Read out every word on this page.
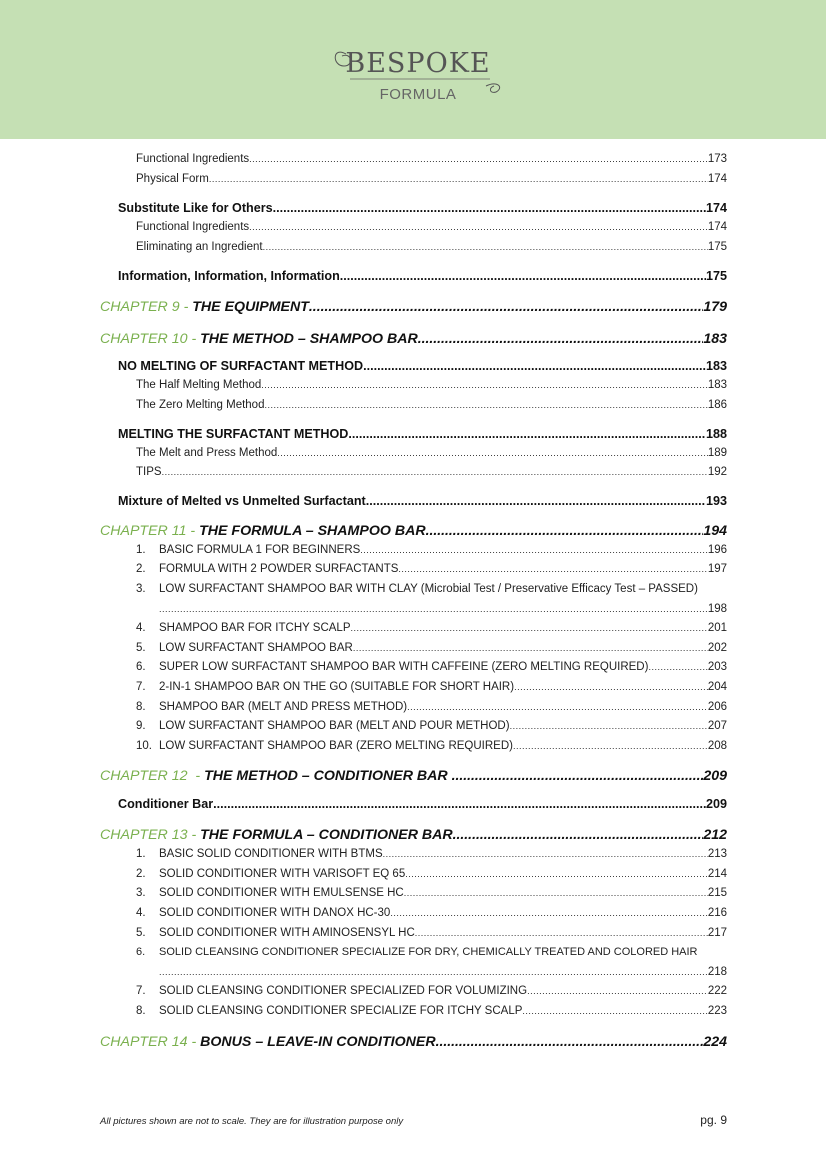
BESPOKE
FORMULA
Functional Ingredients .....	173
Physical Form .....	174
Substitute Like for Others .....	174
Functional Ingredients .....	174
Eliminating an Ingredient .....	175
Information, Information, Information .....	175
CHAPTER 9 - THE EQUIPMENT .....	179
CHAPTER 10 - THE METHOD – SHAMPOO BAR .....	183
NO MELTING OF SURFACTANT METHOD .....	183
The Half Melting Method .....	183
The Zero Melting Method .....	186
MELTING THE SURFACTANT METHOD .....	188
The Melt and Press Method .....	189
TIPS .....	192
Mixture of Melted vs Unmelted Surfactant .....	193
CHAPTER 11 - THE FORMULA – SHAMPOO BAR .....	194
1. BASIC FORMULA 1 FOR BEGINNERS .....	196
2. FORMULA WITH 2 POWDER SURFACTANTS .....	197
3. LOW SURFACTANT SHAMPOO BAR WITH CLAY (Microbial Test / Preservative Efficacy Test – PASSED)
.....
198
4. SHAMPOO BAR FOR ITCHY SCALP .....	201
5. LOW SURFACTANT SHAMPOO BAR .....	202
6. SUPER LOW SURFACTANT SHAMPOO BAR WITH CAFFEINE (ZERO MELTING REQUIRED) .....	203
7. 2-IN-1 SHAMPOO BAR ON THE GO (SUITABLE FOR SHORT HAIR) .....	204
8. SHAMPOO BAR (MELT AND PRESS METHOD) .....	206
9. LOW SURFACTANT SHAMPOO BAR (MELT AND POUR METHOD) .....	207
10. LOW SURFACTANT SHAMPOO BAR (ZERO MELTING REQUIRED) .....	208
CHAPTER 12  - THE METHOD – CONDITIONER BAR .....	209
Conditioner Bar .....	209
CHAPTER 13 - THE FORMULA – CONDITIONER BAR .....	212
1. BASIC SOLID CONDITIONER WITH BTMS .....	213
2. SOLID CONDITIONER WITH VARISOFT EQ 65 .....	214
3. SOLID CONDITIONER WITH EMULSENSE HC .....	215
4. SOLID CONDITIONER WITH DANOX HC-30 .....	216
5. SOLID CONDITIONER WITH AMINOSENSYL HC .....	217
6. SOLID CLEANSING CONDITIONER SPECIALIZE FOR DRY, CHEMICALLY TREATED AND COLORED HAIR
.....
218
7. SOLID CLEANSING CONDITIONER SPECIALIZED FOR VOLUMIZING .....	222
8. SOLID CLEANSING CONDITIONER SPECIALIZE FOR ITCHY SCALP .....	223
CHAPTER 14 - BONUS – LEAVE-IN CONDITIONER .....	224
All pictures shown are not to scale. They are for illustration purpose only	pg. 9
